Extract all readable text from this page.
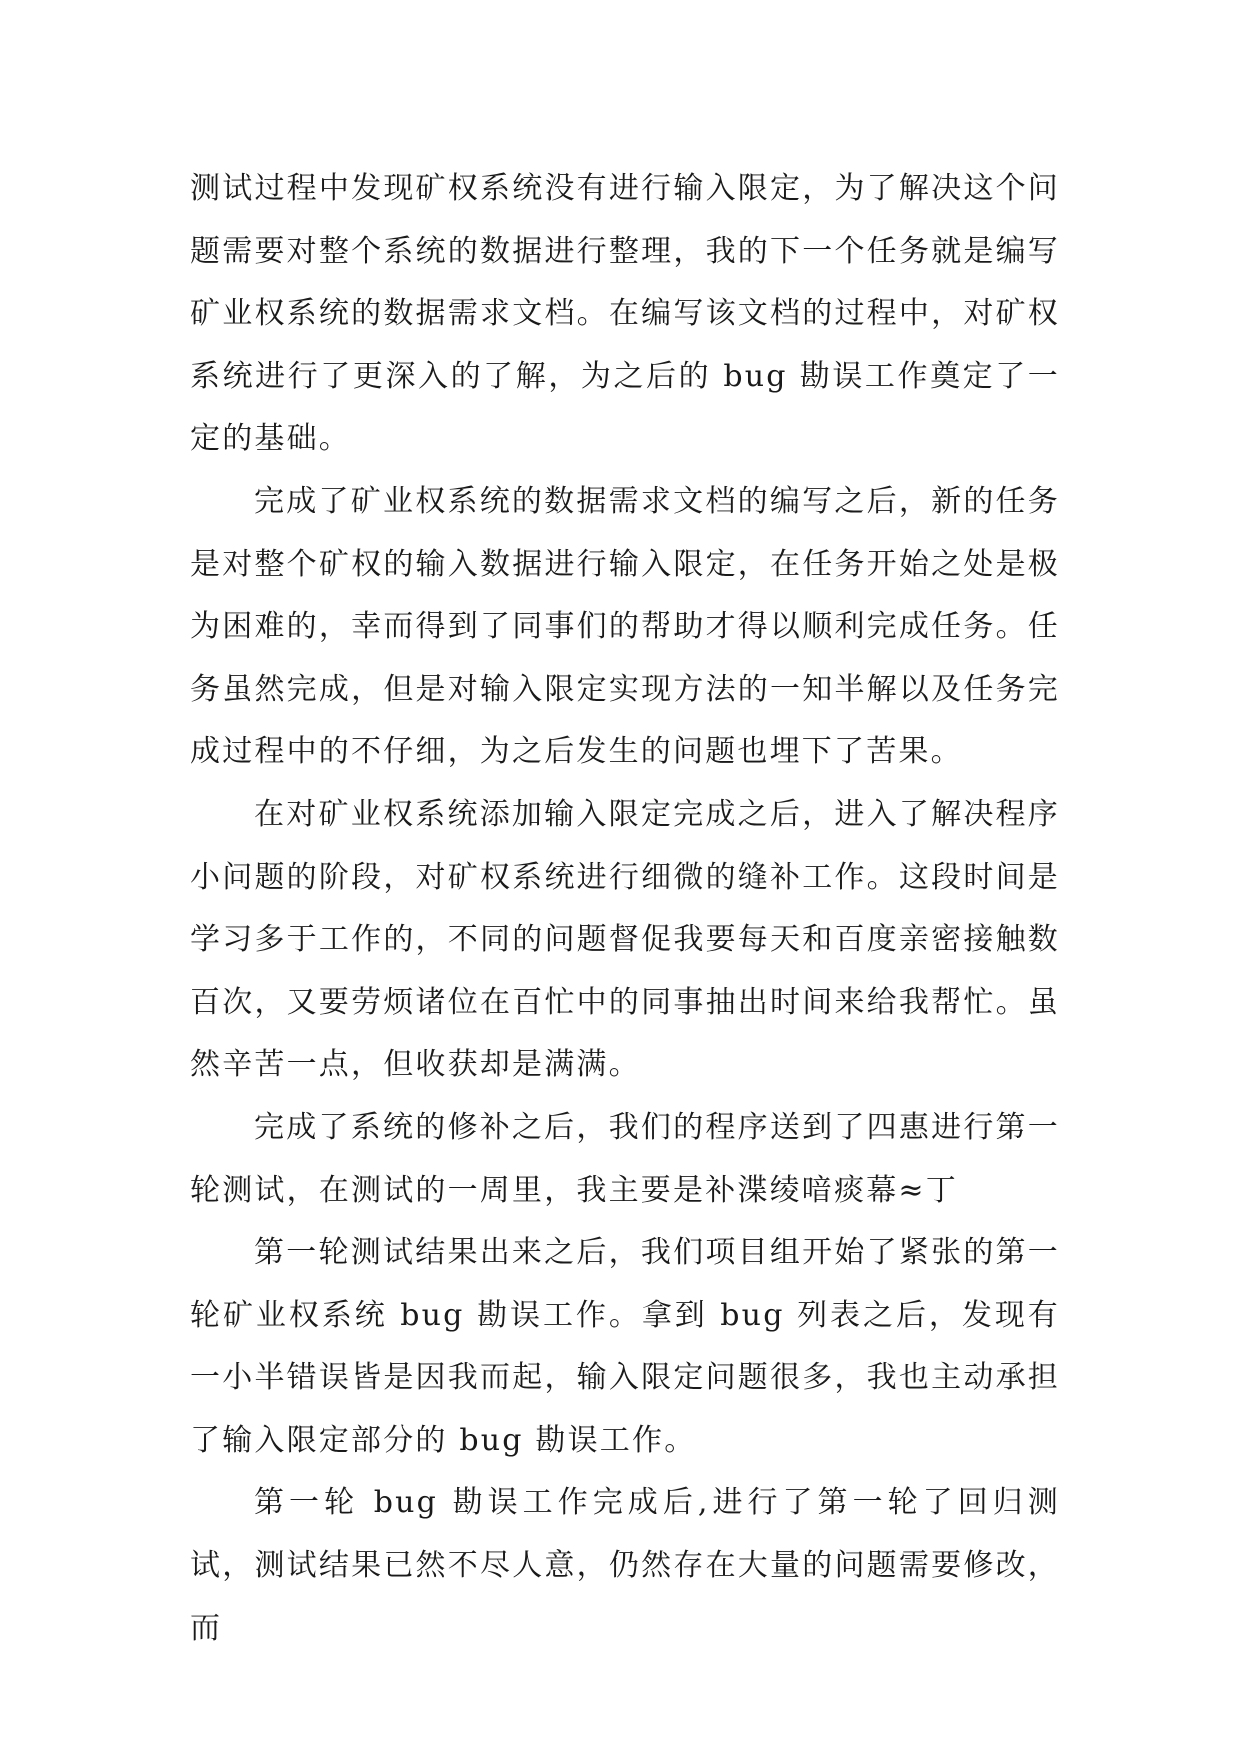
测试过程中发现矿权系统没有进行输入限定，为了解决这个问题需要对整个系统的数据进行整理，我的下一个任务就是编写矿业权系统的数据需求文档。在编写该文档的过程中，对矿权系统进行了更深入的了解，为之后的 bug 勘误工作奠定了一定的基础。

完成了矿业权系统的数据需求文档的编写之后，新的任务是对整个矿权的输入数据进行输入限定，在任务开始之处是极为困难的，幸而得到了同事们的帮助才得以顺利完成任务。任务虽然完成，但是对输入限定实现方法的一知半解以及任务完成过程中的不仔细，为之后发生的问题也埋下了苦果。

在对矿业权系统添加输入限定完成之后，进入了解决程序小问题的阶段，对矿权系统进行细微的缝补工作。这段时间是学习多于工作的，不同的问题督促我要每天和百度亲密接触数百次，又要劳烦诸位在百忙中的同事抽出时间来给我帮忙。虽然辛苦一点，但收获却是满满。

完成了系统的修补之后，我们的程序送到了四惠进行第一轮测试，在测试的一周里，我主要是补渫绫喑痰幕≈丁

第一轮测试结果出来之后，我们项目组开始了紧张的第一轮矿业权系统 bug 勘误工作。拿到 bug 列表之后，发现有一小半错误皆是因我而起，输入限定问题很多，我也主动承担了输入限定部分的 bug 勘误工作。

第一轮 bug 勘误工作完成后,进行了第一轮了回归测试，测试结果已然不尽人意，仍然存在大量的问题需要修改，而
